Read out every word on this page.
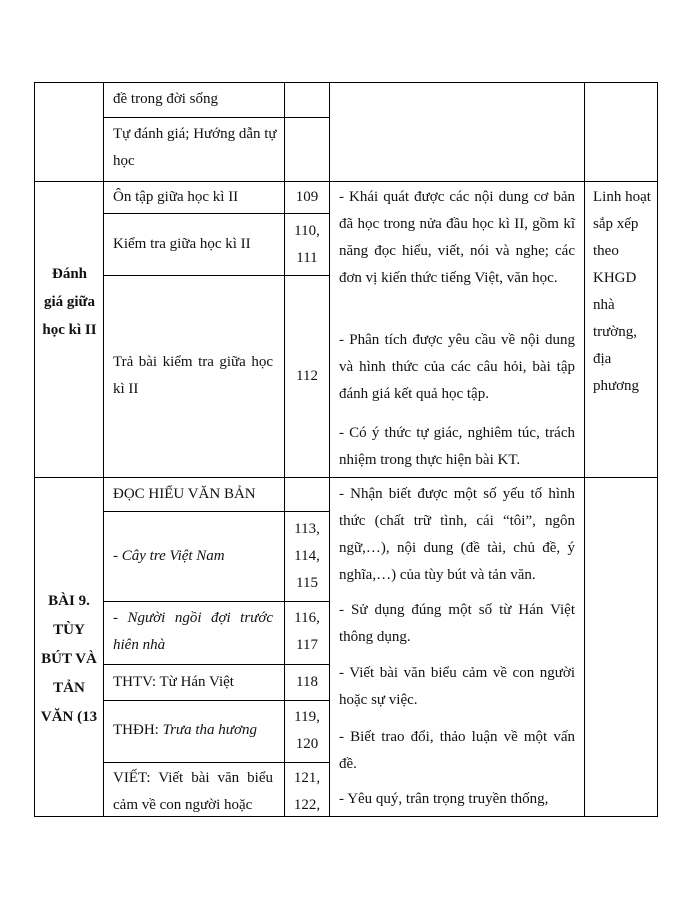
đề trong đời sống
Tự đánh giá; Hướng dẫn tự học
Đánh giá giữa học kì II
Ôn tập giữa học kì II	109
Kiểm tra giữa học kì II
110, 111
Trả bài kiểm tra giữa học kì II
112
- Khái quát được các nội dung cơ bản đã học trong nửa đầu học kì II, gồm kĩ năng đọc hiểu, viết, nói và nghe; các đơn vị kiến thức tiếng Việt, văn học.
- Phân tích được yêu cầu về nội dung và hình thức của các câu hỏi, bài tập đánh giá kết quả học tập.
- Có ý thức tự giác, nghiêm túc, trách nhiệm trong thực hiện bài KT.
Linh hoạt sắp xếp theo KHGD nhà trường, địa phương
BÀI 9. TÙY BÚT VÀ TẢN VĂN (13
ĐỌC HIỂU VĂN BẢN
- Cây tre Việt Nam
113, 114, 115
- Người ngồi đợi trước hiên nhà
116, 117
THTV: Từ Hán Việt	118
THĐH: Trưa tha hương
119, 120
VIẾT: Viết bài văn biểu cảm về con người hoặc
121, 122,
- Nhận biết được một số yếu tố hình thức (chất trữ tình, cái “tôi”, ngôn ngữ,…), nội dung (đề tài, chủ đề, ý nghĩa,…) của tùy bút và tản văn.
- Sử dụng đúng một số từ Hán Việt thông dụng.
- Viết bài văn biểu cảm về con người hoặc sự việc.
- Biết trao đổi, thảo luận về một vấn đề.
- Yêu quý, trân trọng truyền thống,
